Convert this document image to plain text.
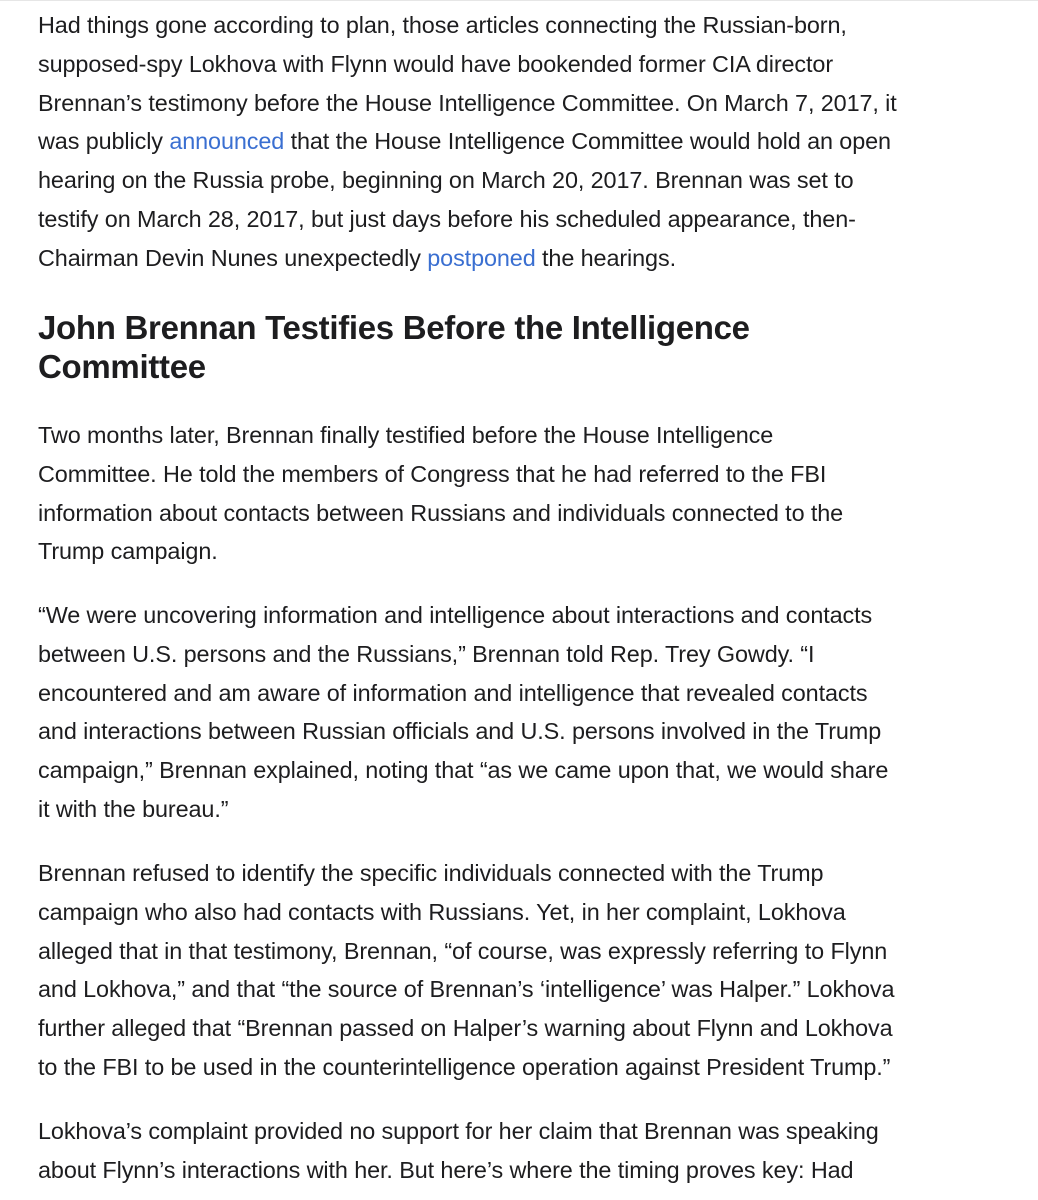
Had things gone according to plan, those articles connecting the Russian-born,
supposed-spy Lokhova with Flynn would have bookended former CIA director
Brennan’s testimony before the House Intelligence Committee. On March 7, 2017, it
was publicly announced that the House Intelligence Committee would hold an open
hearing on the Russia probe, beginning on March 20, 2017. Brennan was set to
testify on March 28, 2017, but just days before his scheduled appearance, then-
Chairman Devin Nunes unexpectedly postponed the hearings.

John Brennan Testifies Before the Intelligence
Committee

Two months later, Brennan finally testified before the House Intelligence
Committee. He told the members of Congress that he had referred to the FBI
information about contacts between Russians and individuals connected to the
Trump campaign.

“We were uncovering information and intelligence about interactions and contacts
between U.S. persons and the Russians,” Brennan told Rep. Trey Gowdy. “I
encountered and am aware of information and intelligence that revealed contacts
and interactions between Russian officials and U.S. persons involved in the Trump
campaign,” Brennan explained, noting that “as we came upon that, we would share
it with the bureau.”

Brennan refused to identify the specific individuals connected with the Trump
campaign who also had contacts with Russians. Yet, in her complaint, Lokhova
alleged that in that testimony, Brennan, “of course, was expressly referring to Flynn
and Lokhova,” and that “the source of Brennan’s ‘intelligence’ was Halper.” Lokhova
further alleged that “Brennan passed on Halper’s warning about Flynn and Lokhova
to the FBI to be used in the counterintelligence operation against President Trump.”

Lokhova’s complaint provided no support for her claim that Brennan was speaking
about Flynn’s interactions with her. But here’s where the timing proves key: Had
